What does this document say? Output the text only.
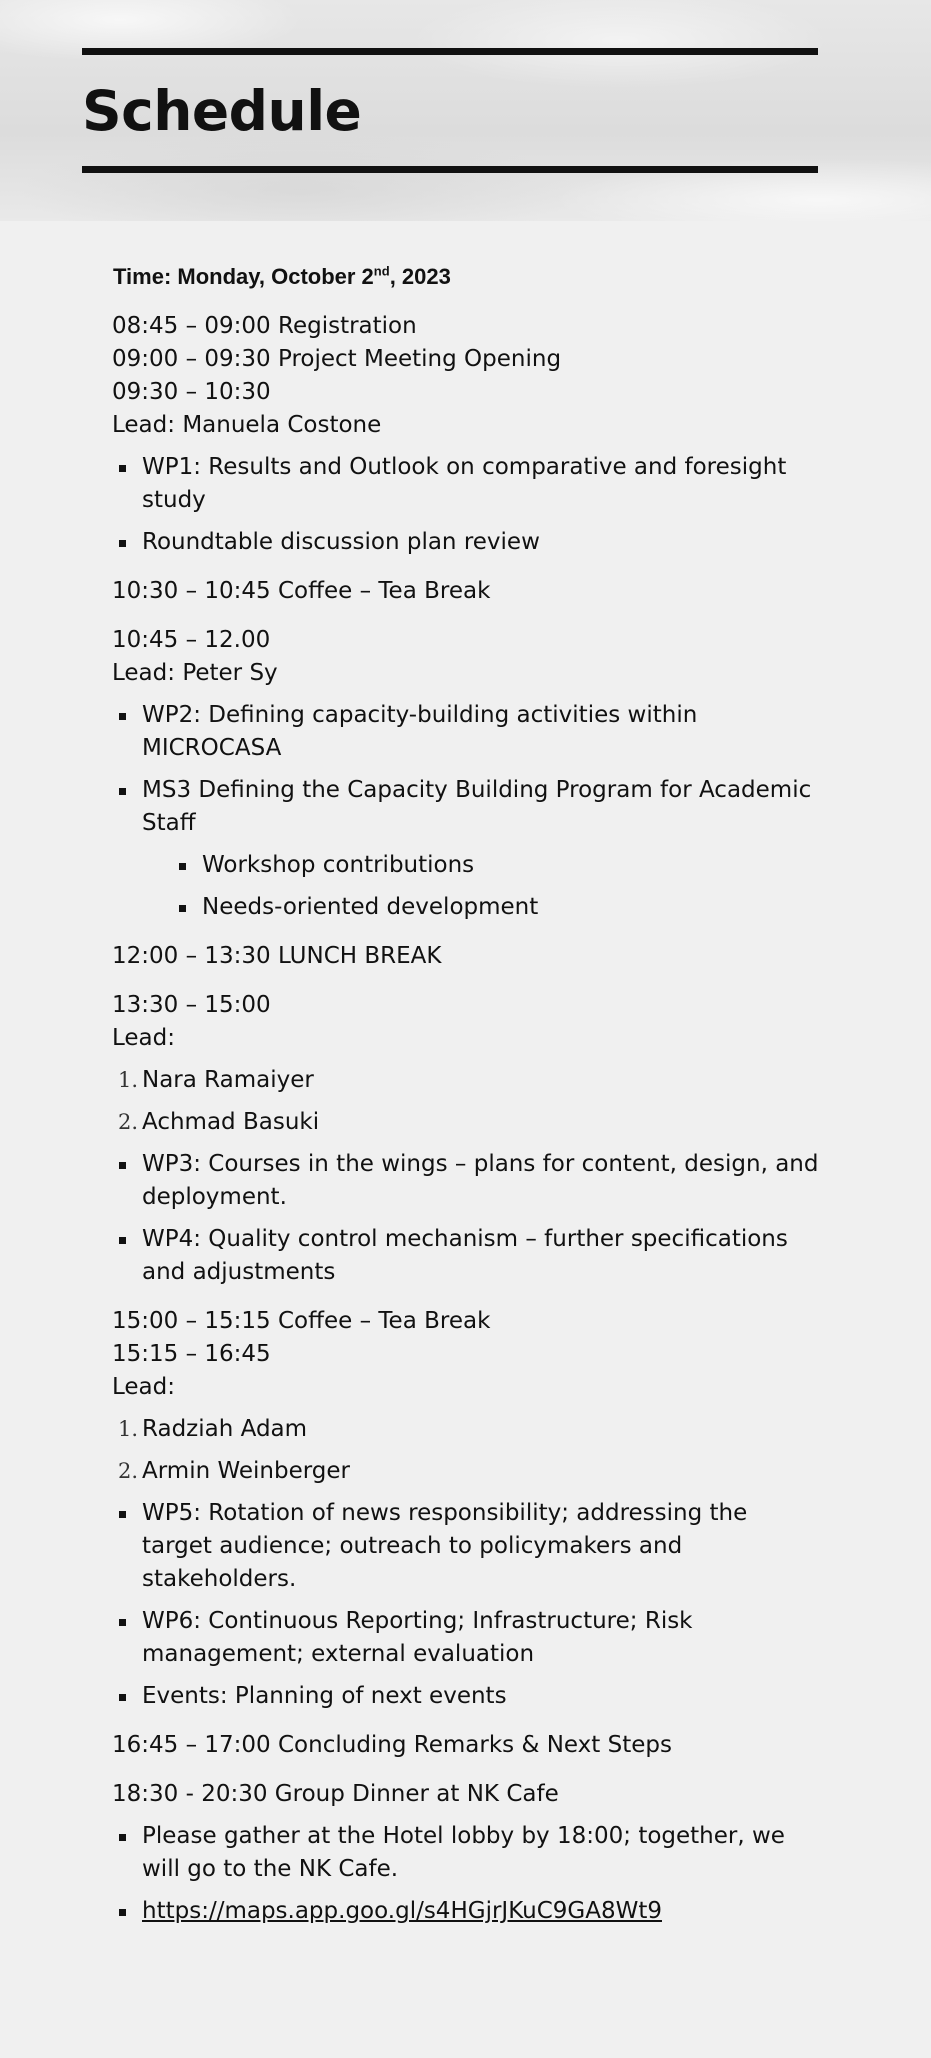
Schedule

Time: Monday, October 2nd, 2023

08:45 – 09:00 Registration

09:00 – 09:30 Project Meeting Opening

09:30 – 10:30

Lead: Manuela Costone

WP1: Results and Outlook on comparative and foresight study
Roundtable discussion plan review

10:30 – 10:45 Coffee – Tea Break

10:45 – 12.00

Lead: Peter Sy

WP2: Defining capacity-building activities within MICROCASA
MS3 Defining the Capacity Building Program for Academic Staff
Workshop contributions
Needs-oriented development

12:00 – 13:30 LUNCH BREAK

13:30 – 15:00

Lead:

1. Nara Ramaiyer
2. Achmad Basuki
WP3: Courses in the wings – plans for content, design, and deployment.
WP4: Quality control mechanism – further specifications and adjustments

15:00 – 15:15 Coffee – Tea Break

15:15 – 16:45

Lead:

1. Radziah Adam
2. Armin Weinberger
WP5: Rotation of news responsibility; addressing the target audience; outreach to policymakers and stakeholders.
WP6: Continuous Reporting; Infrastructure; Risk management; external evaluation
Events: Planning of next events

16:45 – 17:00 Concluding Remarks & Next Steps

18:30 - 20:30 Group Dinner at NK Cafe

Please gather at the Hotel lobby by 18:00; together, we will go to the NK Cafe.
https://maps.app.goo.gl/s4HGjrJKuC9GA8Wt9
